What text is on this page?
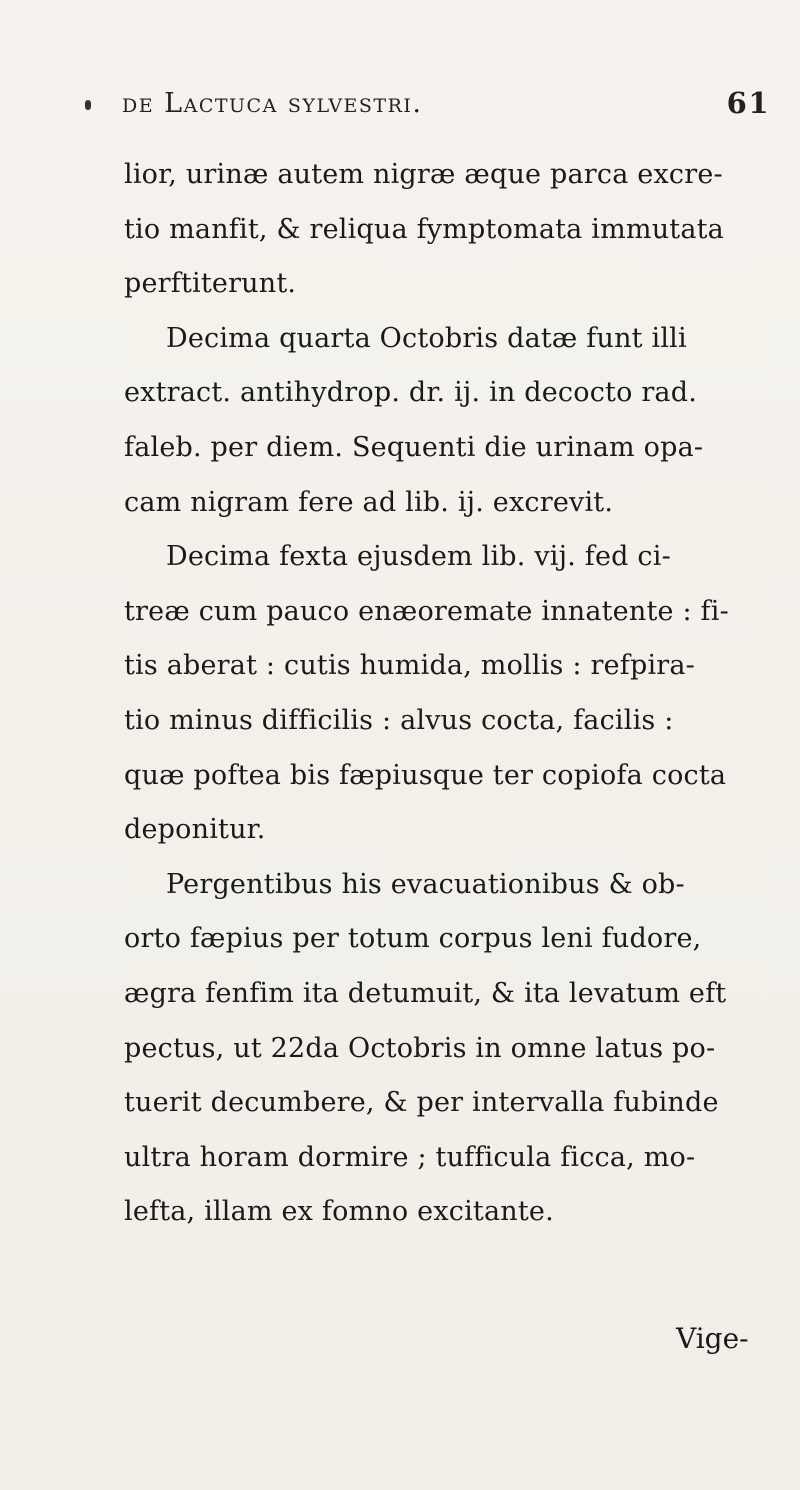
de Lactuca sylvestri.	61
lior, urinæ autem nigræ æque parca excre-
tio manfit, & reliqua fymptomata immutata
perftiterunt.
Decima quarta Octobris datæ funt illi
extract. antihydrop. dr. ij. in decocto rad.
faleb. per diem. Sequenti die urinam opa-
cam nigram fere ad lib. ij. excrevit.
Decima fexta ejusdem lib. vij. fed ci-
treæ cum pauco enæoremate innatente : fi-
tis aberat : cutis humida, mollis : refpira-
tio minus difficilis : alvus cocta, facilis :
quæ poftea bis fæpiusque ter copiofa cocta
deponitur.
Pergentibus his evacuationibus & ob-
orto fæpius per totum corpus leni fudore,
ægra fenfim ita detumuit, & ita levatum eft
pectus, ut 22da Octobris in omne latus po-
tuerit decumbere, & per intervalla fubinde
ultra horam dormire ; tufficula ficca, mo-
lefta, illam ex fomno excitante.
Vige-
